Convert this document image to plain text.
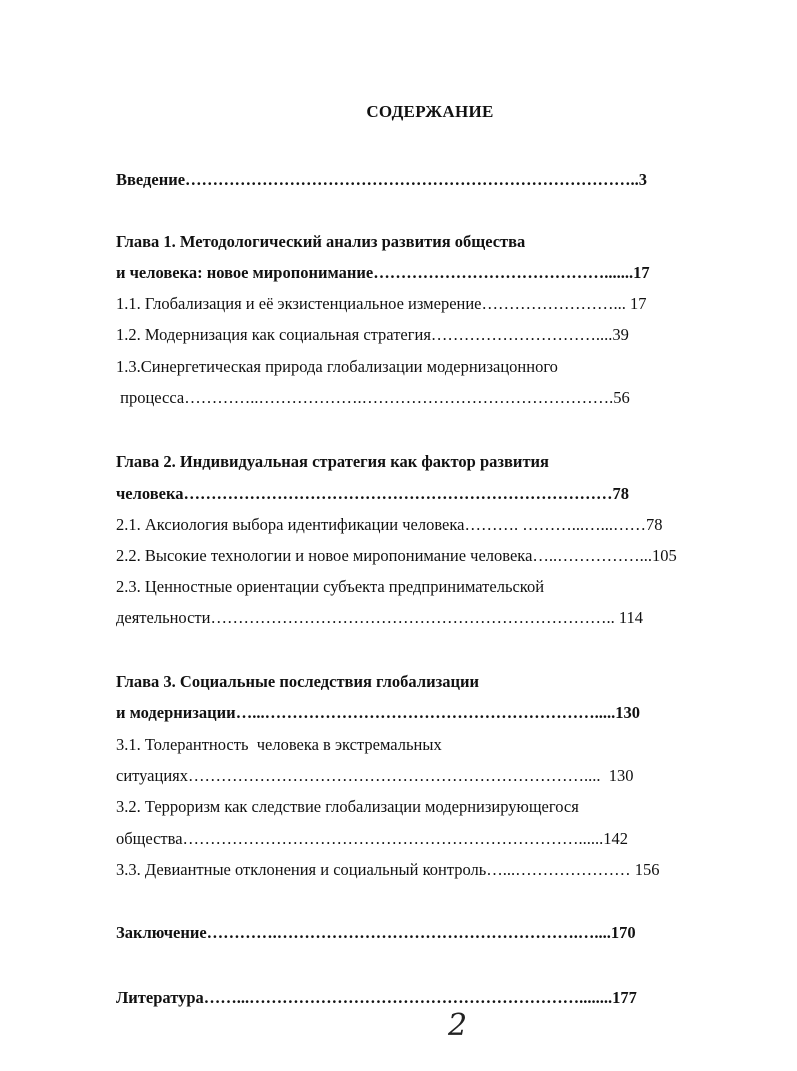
СОДЕРЖАНИЕ
Введение………………………………………………………………………..3
Глава 1. Методологический анализ развития общества
и человека: новое миропонимание…………………………………….......17
1.1. Глобализация и её экзистенциальное измерение……………………... 17
1.2. Модернизация как социальная стратегия…………………………....39
1.3.Синергетическая природа глобализации модернизацонного
процесса…………..……………….……………………………………….56
Глава 2. Индивидуальная стратегия как фактор развития
человека……………………………………………………………………78
2.1. Аксиология выбора идентификации человека………. ………...…...……78
2.2. Высокие технологии и новое миропонимание человека…..……………...105
2.3. Ценностные ориентации субъекта предпринимательской
деятельности……………………………………………………………….. 114
Глава 3. Социальные последствия глобализации
и модернизации…...…………………………………………………….....130
3.1. Толерантность  человека в экстремальных
ситуациях………………………………………………………………....  130
3.2. Терроризм как следствие глобализации модернизирующегося
общества………………………………………………………………......142
3.3. Девиантные отклонения и социальный контроль…...………………… 156
Заключение………….……………………………………………….…....170
Литература……...……………………………………………………........177
2
